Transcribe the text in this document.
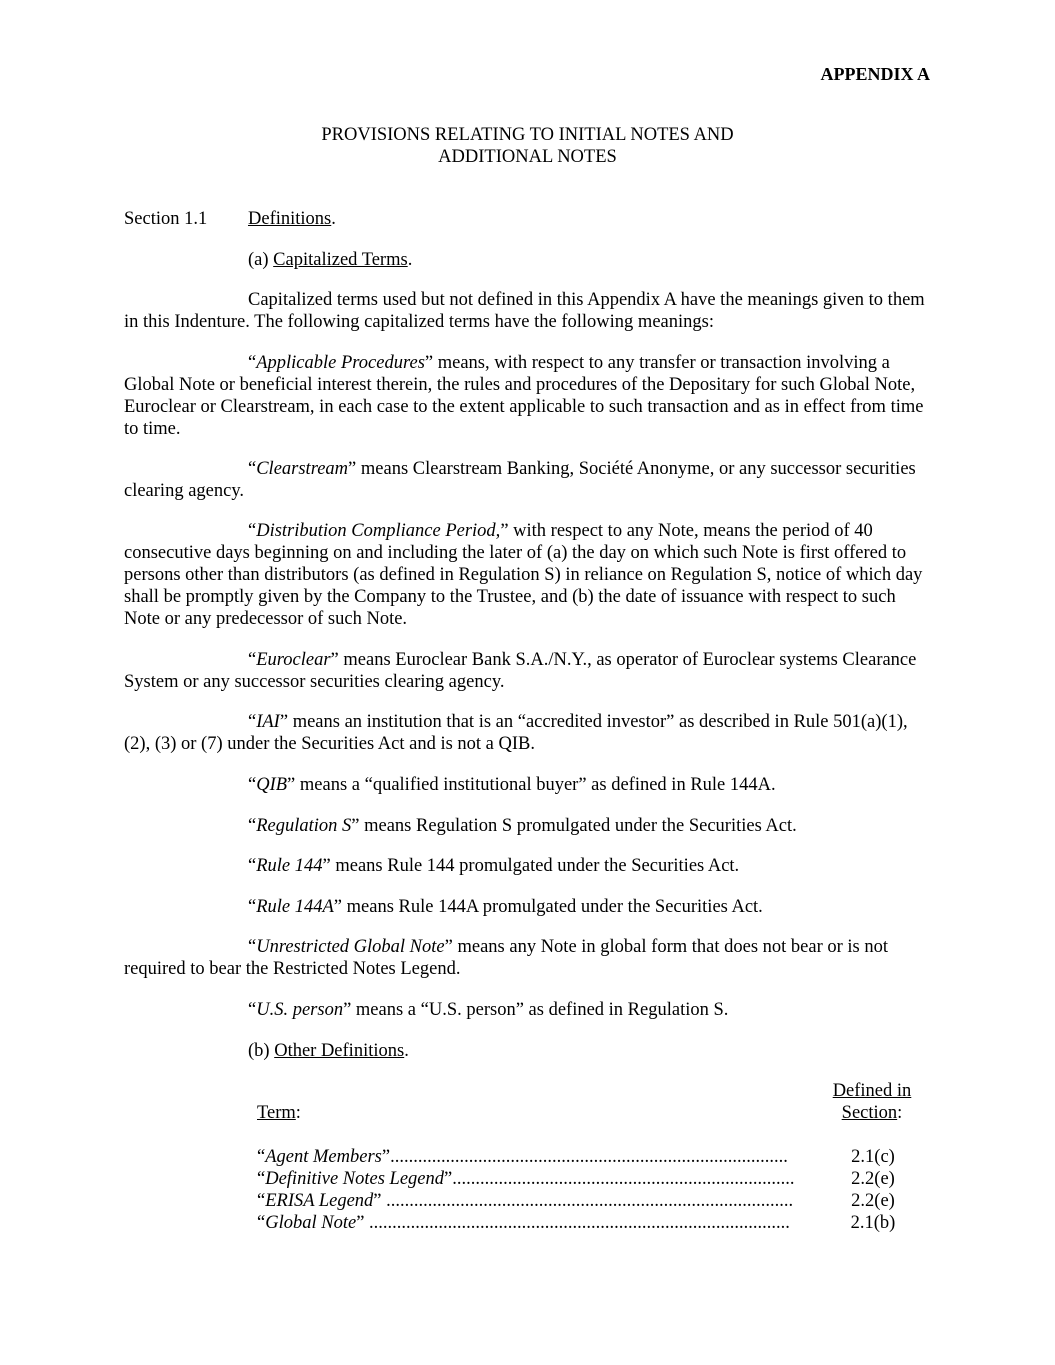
APPENDIX A
PROVISIONS RELATING TO INITIAL NOTES AND
ADDITIONAL NOTES
Section 1.1 Definitions.
(a) Capitalized Terms.
Capitalized terms used but not defined in this Appendix A have the meanings given to them in this Indenture. The following capitalized terms have the following meanings:
“Applicable Procedures” means, with respect to any transfer or transaction involving a Global Note or beneficial interest therein, the rules and procedures of the Depositary for such Global Note, Euroclear or Clearstream, in each case to the extent applicable to such transaction and as in effect from time to time.
“Clearstream” means Clearstream Banking, Société Anonyme, or any successor securities clearing agency.
“Distribution Compliance Period,” with respect to any Note, means the period of 40 consecutive days beginning on and including the later of (a) the day on which such Note is first offered to persons other than distributors (as defined in Regulation S) in reliance on Regulation S, notice of which day shall be promptly given by the Company to the Trustee, and (b) the date of issuance with respect to such Note or any predecessor of such Note.
“Euroclear” means Euroclear Bank S.A./N.Y., as operator of Euroclear systems Clearance System or any successor securities clearing agency.
“IAI” means an institution that is an “accredited investor” as described in Rule 501(a)(1), (2), (3) or (7) under the Securities Act and is not a QIB.
“QIB” means a “qualified institutional buyer” as defined in Rule 144A.
“Regulation S” means Regulation S promulgated under the Securities Act.
“Rule 144” means Rule 144 promulgated under the Securities Act.
“Rule 144A” means Rule 144A promulgated under the Securities Act.
“Unrestricted Global Note” means any Note in global form that does not bear or is not required to bear the Restricted Notes Legend.
“U.S. person” means a “U.S. person” as defined in Regulation S.
(b) Other Definitions.
Term:
Defined in
Section:
“Agent Members”......................................................................................	2.1(c)
“Definitive Notes Legend”..........................................................................	2.2(e)
“ERISA Legend” ........................................................................................	2.2(e)
“Global Note” ...........................................................................................	2.1(b)
